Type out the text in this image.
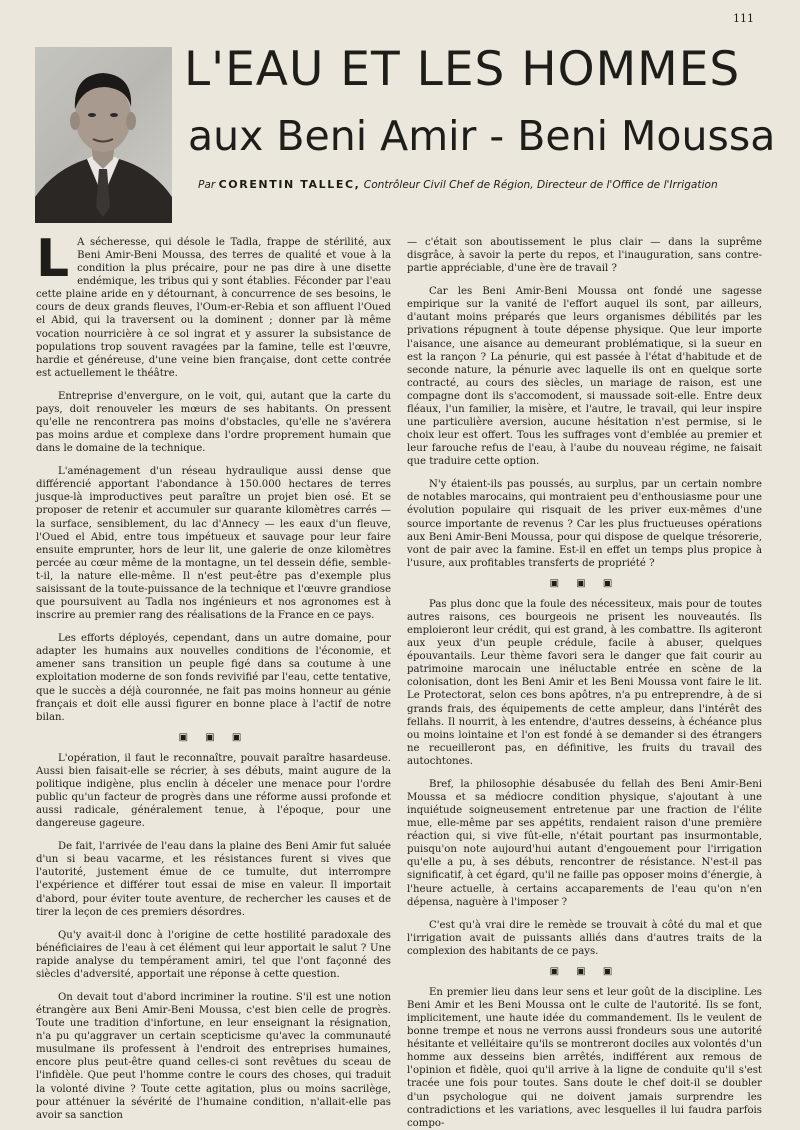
111
L'EAU ET LES HOMMES
aux Beni Amir - Beni Moussa
Par CORENTIN TALLEC, Contrôleur Civil Chef de Région, Directeur de l'Office de l'Irrigation

L A sécheresse, qui désole le Tadla, frappe de stérilité, aux Beni Amir-Beni Moussa, des terres de qualité et voue à la condition la plus précaire, pour ne pas dire à une disette endémique, les tribus qui y sont établies. Féconder par l'eau cette plaine aride en y détournant, à concurrence de ses besoins, le cours de deux grands fleuves, l'Oum-er-Rebia et son affluent l'Oued el Abid, qui la traversent ou la dominent ; donner par là même vocation nourricière à ce sol ingrat et y assurer la subsistance de populations trop souvent ravagées par la famine, telle est l'œuvre, hardie et généreuse, d'une veine bien française, dont cette contrée est actuellement le théâtre.

Entreprise d'envergure, on le voit, qui, autant que la carte du pays, doit renouveler les mœurs de ses habitants. On pressent qu'elle ne rencontrera pas moins d'obstacles, qu'elle ne s'avérera pas moins ardue et complexe dans l'ordre proprement humain que dans le domaine de la technique.

L'aménagement d'un réseau hydraulique aussi dense que différencié apportant l'abondance à 150.000 hectares de terres jusque-là improductives peut paraître un projet bien osé. Et se proposer de retenir et accumuler sur quarante kilomètres carrés — la surface, sensiblement, du lac d'Annecy — les eaux d'un fleuve, l'Oued el Abid, entre tous impétueux et sauvage pour leur faire ensuite emprunter, hors de leur lit, une galerie de onze kilomètres percée au cœur même de la montagne, un tel dessein défie, semble-t-il, la nature elle-même. Il n'est peut-être pas d'exemple plus saisissant de la toute-puissance de la technique et l'œuvre grandiose que poursuivent au Tadla nos ingénieurs et nos agronomes est à inscrire au premier rang des réalisations de la France en ce pays.

Les efforts déployés, cependant, dans un autre domaine, pour adapter les humains aux nouvelles conditions de l'économie, et amener sans transition un peuple figé dans sa coutume à une exploitation moderne de son fonds revivifié par l'eau, cette tentative, que le succès a déjà couronnée, ne fait pas moins honneur au génie français et doit elle aussi figurer en bonne place à l'actif de notre bilan.

▣ ▣ ▣

L'opération, il faut le reconnaître, pouvait paraître hasardeuse. Aussi bien faisait-elle se récrier, à ses débuts, maint augure de la politique indigène, plus enclin à déceler une menace pour l'ordre public qu'un facteur de progrès dans une réforme aussi profonde et aussi radicale, généralement tenue, à l'époque, pour une dangereuse gageure.

De fait, l'arrivée de l'eau dans la plaine des Beni Amir fut saluée d'un si beau vacarme, et les résistances furent si vives que l'autorité, justement émue de ce tumulte, dut interrompre l'expérience et différer tout essai de mise en valeur. Il importait d'abord, pour éviter toute aventure, de rechercher les causes et de tirer la leçon de ces premiers désordres.

Qu'y avait-il donc à l'origine de cette hostilité paradoxale des bénéficiaires de l'eau à cet élément qui leur apportait le salut ? Une rapide analyse du tempérament amiri, tel que l'ont façonné des siècles d'adversité, apportait une réponse à cette question.

On devait tout d'abord incriminer la routine. S'il est une notion étrangère aux Beni Amir-Beni Moussa, c'est bien celle de progrès. Toute une tradition d'infortune, en leur enseignant la résignation, n'a pu qu'aggraver un certain scepticisme qu'avec la communauté musulmane ils professent à l'endroit des entreprises humaines, encore plus peut-être quand celles-ci sont revêtues du sceau de l'infidèle. Que peut l'homme contre le cours des choses, qui traduit la volonté divine ? Toute cette agitation, plus ou moins sacrilège, pour atténuer la sévérité de l'humaine condition, n'allait-elle pas avoir sa sanction

— c'était son aboutissement le plus clair — dans la suprême disgrâce, à savoir la perte du repos, et l'inauguration, sans contre-partie appréciable, d'une ère de travail ?

Car les Beni Amir-Beni Moussa ont fondé une sagesse empirique sur la vanité de l'effort auquel ils sont, par ailleurs, d'autant moins préparés que leurs organismes débilités par les privations répugnent à toute dépense physique. Que leur importe l'aisance, une aisance au demeurant problématique, si la sueur en est la rançon ? La pénurie, qui est passée à l'état d'habitude et de seconde nature, la pénurie avec laquelle ils ont en quelque sorte contracté, au cours des siècles, un mariage de raison, est une compagne dont ils s'accomodent, si maussade soit-elle. Entre deux fléaux, l'un familier, la misère, et l'autre, le travail, qui leur inspire une particulière aversion, aucune hésitation n'est permise, si le choix leur est offert. Tous les suffrages vont d'emblée au premier et leur farouche refus de l'eau, à l'aube du nouveau régime, ne faisait que traduire cette option.

N'y étaient-ils pas poussés, au surplus, par un certain nombre de notables marocains, qui montraient peu d'enthousiasme pour une évolution populaire qui risquait de les priver eux-mêmes d'une source importante de revenus ? Car les plus fructueuses opérations aux Beni Amir-Beni Moussa, pour qui dispose de quelque trésorerie, vont de pair avec la famine. Est-il en effet un temps plus propice à l'usure, aux profitables transferts de propriété ?

▣ ▣ ▣

Pas plus donc que la foule des nécessiteux, mais pour de toutes autres raisons, ces bourgeois ne prisent les nouveautés. Ils emploieront leur crédit, qui est grand, à les combattre. Ils agiteront aux yeux d'un peuple crédule, facile à abuser, quelques épouvantails. Leur thème favori sera le danger que fait courir au patrimoine marocain une inéluctable entrée en scène de la colonisation, dont les Beni Amir et les Beni Moussa vont faire le lit. Le Protectorat, selon ces bons apôtres, n'a pu entreprendre, à de si grands frais, des équipements de cette ampleur, dans l'intérêt des fellahs. Il nourrit, à les entendre, d'autres desseins, à échéance plus ou moins lointaine et l'on est fondé à se demander si des étrangers ne recueilleront pas, en définitive, les fruits du travail des autochtones.

Bref, la philosophie désabusée du fellah des Beni Amir-Beni Moussa et sa médiocre condition physique, s'ajoutant à une inquiétude soigneusement entretenue par une fraction de l'élite mue, elle-même par ses appétits, rendaient raison d'une première réaction qui, si vive fût-elle, n'était pourtant pas insurmontable, puisqu'on note aujourd'hui autant d'engouement pour l'irrigation qu'elle a pu, à ses débuts, rencontrer de résistance. N'est-il pas significatif, à cet égard, qu'il ne faille pas opposer moins d'énergie, à l'heure actuelle, à certains accaparements de l'eau qu'on n'en dépensa, naguère à l'imposer ?

C'est qu'à vrai dire le remède se trouvait à côté du mal et que l'irrigation avait de puissants alliés dans d'autres traits de la complexion des habitants de ce pays.

▣ ▣ ▣

En premier lieu dans leur sens et leur goût de la discipline. Les Beni Amir et les Beni Moussa ont le culte de l'autorité. Ils se font, implicitement, une haute idée du commandement. Ils le veulent de bonne trempe et nous ne verrons aussi frondeurs sous une autorité hésitante et velléitaire qu'ils se montreront dociles aux volontés d'un homme aux desseins bien arrêtés, indifférent aux remous de l'opinion et fidèle, quoi qu'il arrive à la ligne de conduite qu'il s'est tracée une fois pour toutes. Sans doute le chef doit-il se doubler d'un psychologue qui ne doivent jamais surprendre les contradictions et les variations, avec lesquelles il lui faudra parfois compo-
